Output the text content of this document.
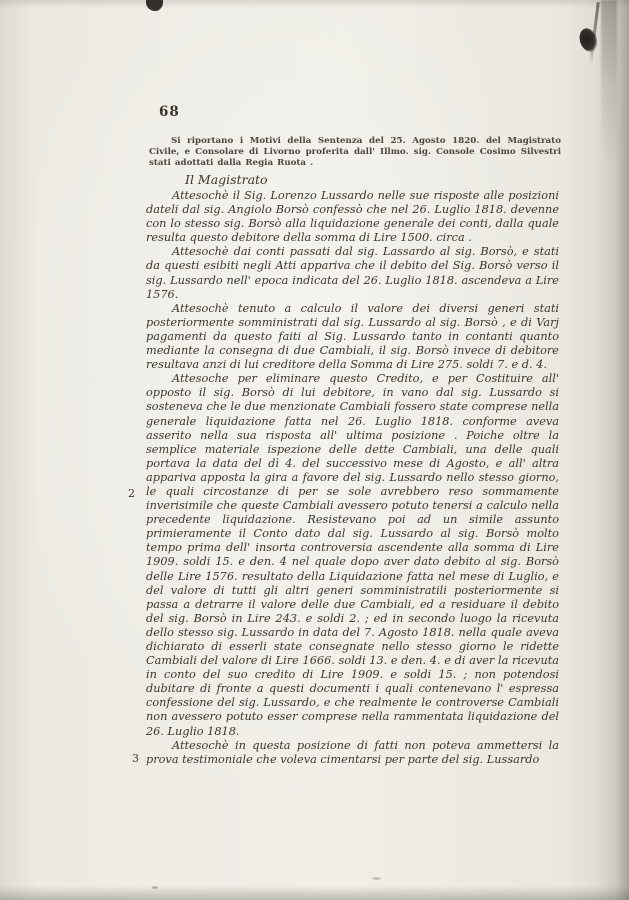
68
Si riportano i Motivi della Sentenza del 25. Agosto 1820. del Magistrato Civile, e Consolare di Livorno proferita dall' Illmo. sig. Console Cosimo Silvestri stati adottati dalla Regia Ruota .
Il Magistrato

Attesochè il Sig. Lorenzo Lussardo nelle sue risposte alle posizioni dateli dal sig. Angiolo Borsò confessò che nel 26. Luglio 1818. devenne con lo stesso sig. Borsò alla liquidazione generale dei conti, dalla quale resulta questo debitore della somma di Lire 1500. circa .

Attesochè dai conti passati dal sig. Lassardo al sig. Borsò, e stati da questi esibiti negli Atti appariva che il debito del Sig. Borsò verso il sig. Lussardo nell' epoca indicata del 26. Luglio 1818. ascendeva a Lire 1576.

Attesochè tenuto a calculo il valore dei diversi generi stati posteriormente somministrati dal sig. Lussardo al sig. Borsò , e di Varj pagamenti da questo faiti al Sig. Lussardo tanto in contanti quanto mediante la consegna di due Cambiali, il sig. Borsò invece di debitore resultava anzi di lui creditore della Somma di Lire 275. soldi 7. e d. 4.

Attesoche per eliminare questo Credito, e per Costituire all' opposto il sig. Borsò di lui debitore, in vano dal sig. Lussardo si sosteneva che le due menzionate Cambiali fossero state comprese nella generale liquidazione fatta nel 26. Luglio 1818. conforme aveva asserito nella sua risposta all' ultima posizione . Poiche oltre la semplice materiale ispezione delle dette Cambiali, una delle quali portava la data del dì 4. del successivo mese di Agosto, e all' altra appariva apposta la gira a favore del sig. Lussardo nello stesso giorno, le quali circostanze di per se sole avrebbero reso sommamente inverisimile che queste Cambiali avessero potuto tenersi a calculo nella precedente liquidazione. Resistevano poi ad un simile assunto primieramente il Conto dato dal sig. Lussardo al sig. Borsò molto tempo prima dell' insorta controversia ascendente alla somma di Lire 1909. soldi 15. e den. 4 nel quale dopo aver dato debito al sig. Borsò delle Lire 1576. resultato della Liquidazione fatta nel mese di Luglio, e del valore di tutti gli altri generi somministratili posteriormente si passa a detrarre il valore delle due Cambiali, ed a residuare il debito del sig. Borsò in Lire 243. e soldi 2. ; ed in secondo luogo la ricevuta dello stesso sig. Lussardo in data del 7. Agosto 1818. nella quale aveva dichiarato di esserli state consegnate nello stesso giorno le ridette Cambiali del valore di Lire 1666. soldi 13. e den. 4. e di aver la ricevuta in conto del suo credito di Lire 1909. e soldi 15. ; non potendosi dubitare di fronte a questi documenti i quali contenevano l' espressa confessione del sig. Lussardo, e che realmente le controverse Cambiali non avessero potuto esser comprese nella rammentata liquidazione del 26. Luglio 1818.

Attesochè in questa posizione di fatti non poteva ammettersi la prova testimoniale che voleva cimentarsi per parte del sig. Lussardo

2
3
